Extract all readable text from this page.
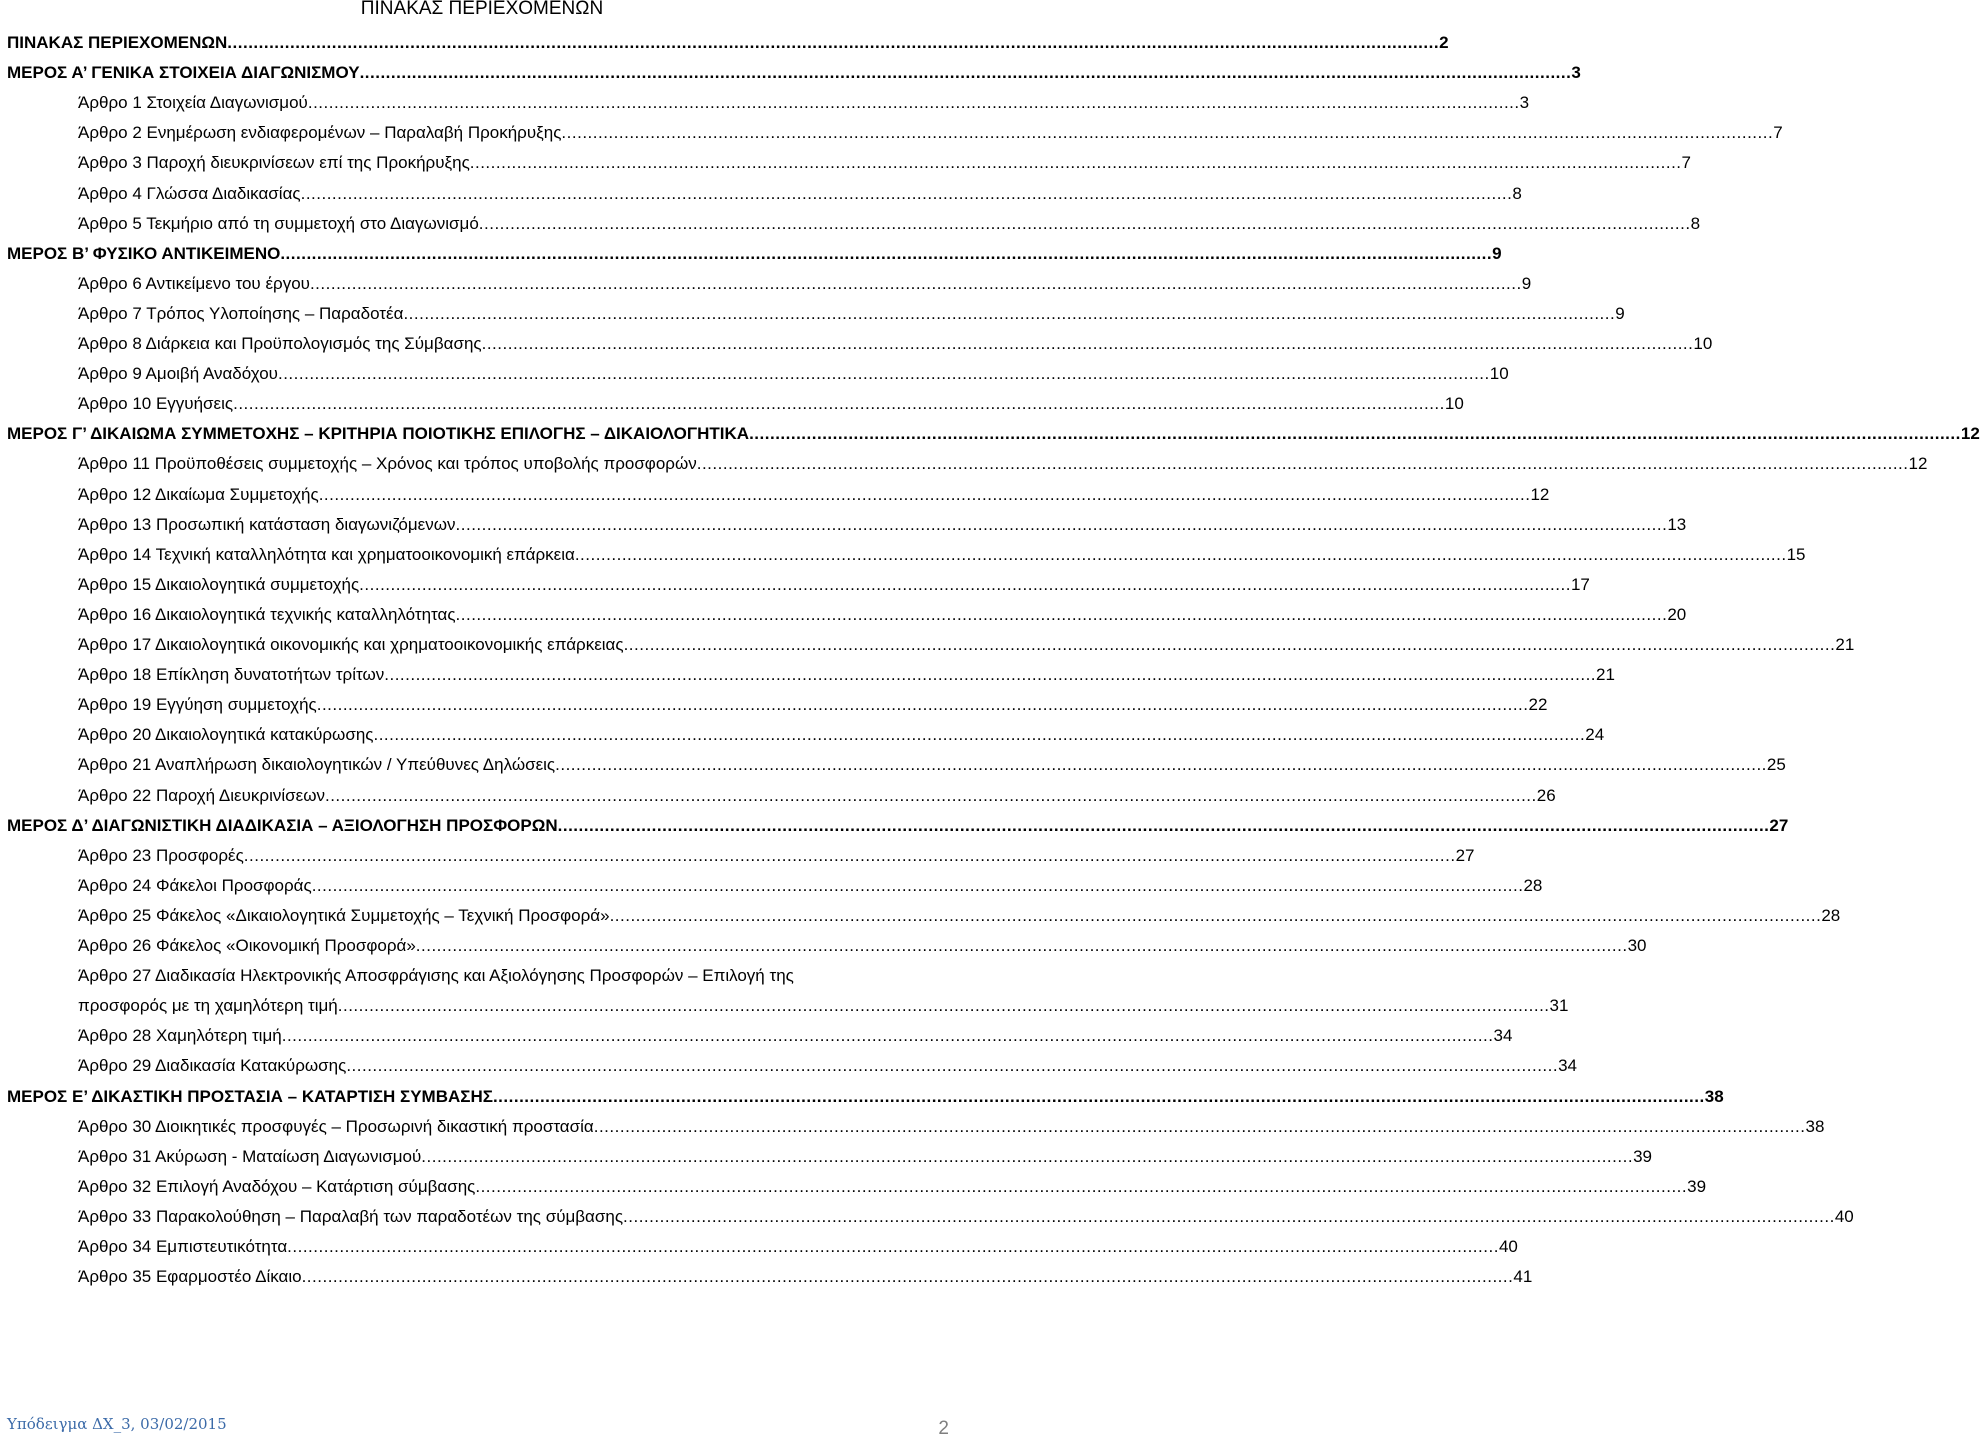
ΠΙΝΑΚΑΣ ΠΕΡΙΕΧΟΜΕΝΩΝ
ΠΙΝΑΚΑΣ ΠΕΡΙΕΧΟΜΕΝΩΝ .....	2
ΜΕΡΟΣ Α’ ΓΕΝΙΚΑ ΣΤΟΙΧΕΙΑ ΔΙΑΓΩΝΙΣΜΟΥ .....	3
Άρθρο 1 Στοιχεία Διαγωνισμού .....	3
Άρθρο 2 Ενημέρωση ενδιαφερομένων – Παραλαβή Προκήρυξης .....	7
Άρθρο 3 Παροχή διευκρινίσεων επί της Προκήρυξης .....	7
Άρθρο 4 Γλώσσα Διαδικασίας .....	8
Άρθρο 5 Τεκμήριο από τη συμμετοχή στο Διαγωνισμό .....	8
ΜΕΡΟΣ Β’ ΦΥΣΙΚΟ ΑΝΤΙΚΕΙΜΕΝΟ .....	9
Άρθρο 6 Αντικείμενο του έργου .....	9
Άρθρο 7 Τρόπος Υλοποίησης – Παραδοτέα .....	9
Άρθρο 8 Διάρκεια και Προϋπολογισμός της Σύμβασης .....	10
Άρθρο 9 Αμοιβή Αναδόχου .....	10
Άρθρο 10 Εγγυήσεις .....	10
ΜΕΡΟΣ Γ’ ΔΙΚΑΙΩΜΑ ΣΥΜΜΕΤΟΧΗΣ – ΚΡΙΤΗΡΙΑ ΠΟΙΟΤΙΚΗΣ ΕΠΙΛΟΓΗΣ – ΔΙΚΑΙΟΛΟΓΗΤΙΚΑ .....	12
Άρθρο 11 Προϋποθέσεις συμμετοχής – Χρόνος και τρόπος υποβολής προσφορών .....	12
Άρθρο 12 Δικαίωμα Συμμετοχής .....	12
Άρθρο 13 Προσωπική κατάσταση διαγωνιζόμενων .....	13
Άρθρο 14 Τεχνική καταλληλότητα και χρηματοοικονομική επάρκεια .....	15
Άρθρο 15 Δικαιολογητικά συμμετοχής .....	17
Άρθρο 16 Δικαιολογητικά τεχνικής καταλληλότητας .....	20
Άρθρο 17 Δικαιολογητικά οικονομικής και χρηματοοικονομικής επάρκειας .....	21
Άρθρο 18 Επίκληση δυνατοτήτων τρίτων .....	21
Άρθρο 19 Εγγύηση συμμετοχής .....	22
Άρθρο 20 Δικαιολογητικά κατακύρωσης .....	24
Άρθρο 21 Αναπλήρωση δικαιολογητικών / Υπεύθυνες Δηλώσεις .....	25
Άρθρο 22 Παροχή Διευκρινίσεων .....	26
ΜΕΡΟΣ Δ’ ΔΙΑΓΩΝΙΣΤΙΚΗ ΔΙΑΔΙΚΑΣΙΑ – ΑΞΙΟΛΟΓΗΣΗ ΠΡΟΣΦΟΡΩΝ .....	27
Άρθρο 23 Προσφορές .....	27
Άρθρο 24 Φάκελοι Προσφοράς .....	28
Άρθρο 25 Φάκελος «Δικαιολογητικά Συμμετοχής – Τεχνική Προσφορά» .....	28
Άρθρο 26 Φάκελος «Οικονομική Προσφορά» .....	30
Άρθρο 27 Διαδικασία Ηλεκτρονικής Αποσφράγισης και Αξιολόγησης Προσφορών – Επιλογή της
προσφορός με τη χαμηλότερη τιμή .....	31
Άρθρο 28 Χαμηλότερη τιμή .....	34
Άρθρο 29 Διαδικασία Κατακύρωσης .....	34
ΜΕΡΟΣ Ε’ ΔΙΚΑΣΤΙΚΗ ΠΡΟΣΤΑΣΙΑ – ΚΑΤΑΡΤΙΣΗ ΣΥΜΒΑΣΗΣ .....	38
Άρθρο 30 Διοικητικές προσφυγές – Προσωρινή δικαστική προστασία .....	38
Άρθρο 31 Ακύρωση - Ματαίωση Διαγωνισμού .....	39
Άρθρο 32 Επιλογή Αναδόχου – Κατάρτιση σύμβασης .....	39
Άρθρο 33 Παρακολούθηση – Παραλαβή των παραδοτέων της σύμβασης .....	40
Άρθρο 34 Εμπιστευτικότητα .....	40
Άρθρο 35 Εφαρμοστέο Δίκαιο .....	41
Υπόδειγμα ΔΧ_3, 03/02/2015	2
